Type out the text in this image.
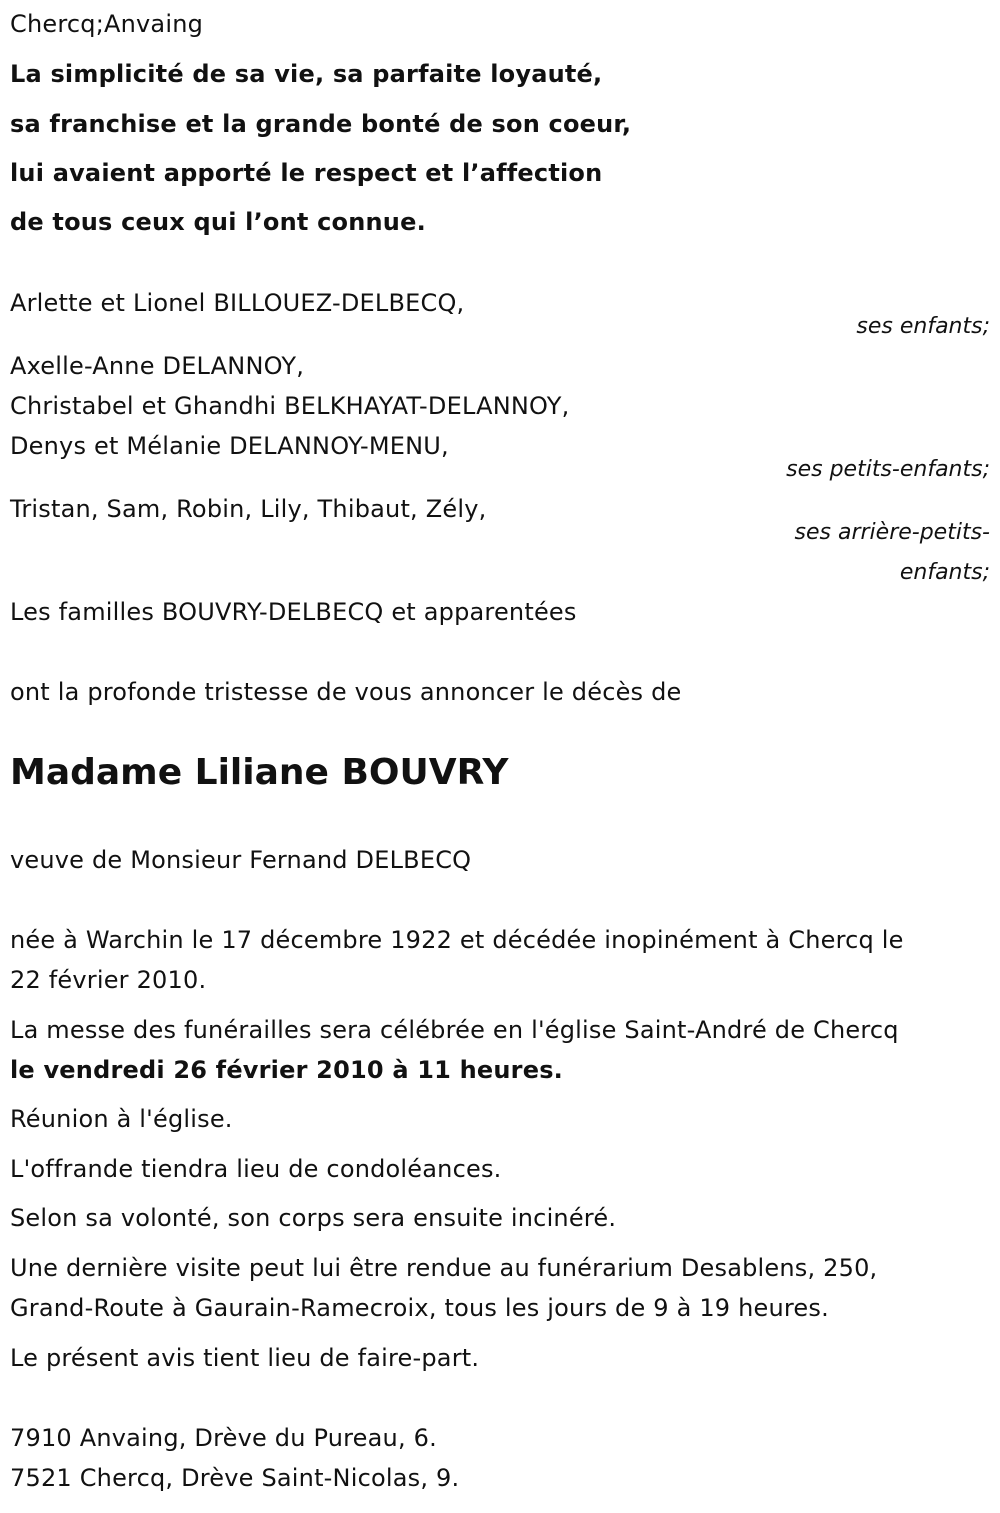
Chercq;Anvaing
La simplicité de sa vie, sa parfaite loyauté,
sa franchise et la grande bonté de son coeur,
lui avaient apporté le respect et l’affection
de tous ceux qui l’ont connue.
Arlette et Lionel BILLOUEZ-DELBECQ,
ses enfants;
Axelle-Anne DELANNOY,
Christabel et Ghandhi BELKHAYAT-DELANNOY,
Denys et Mélanie DELANNOY-MENU,
ses petits-enfants;
Tristan, Sam, Robin, Lily, Thibaut, Zély,
ses arrière-petits-
enfants;
Les familles BOUVRY-DELBECQ et apparentées
ont la profonde tristesse de vous annoncer le décès de
Madame Liliane BOUVRY
veuve de Monsieur Fernand DELBECQ
née à Warchin le 17 décembre 1922 et décédée inopinément à Chercq le
22 février 2010.
La messe des funérailles sera célébrée en l'église Saint-André de Chercq
le vendredi 26 février 2010 à 11 heures.
Réunion à l'église.
L'offrande tiendra lieu de condoléances.
Selon sa volonté, son corps sera ensuite incinéré.
Une dernière visite peut lui être rendue au funérarium Desablens, 250,
Grand-Route à Gaurain-Ramecroix, tous les jours de 9 à 19 heures.
Le présent avis tient lieu de faire-part.
7910 Anvaing, Drève du Pureau, 6.
7521 Chercq, Drève Saint-Nicolas, 9.
